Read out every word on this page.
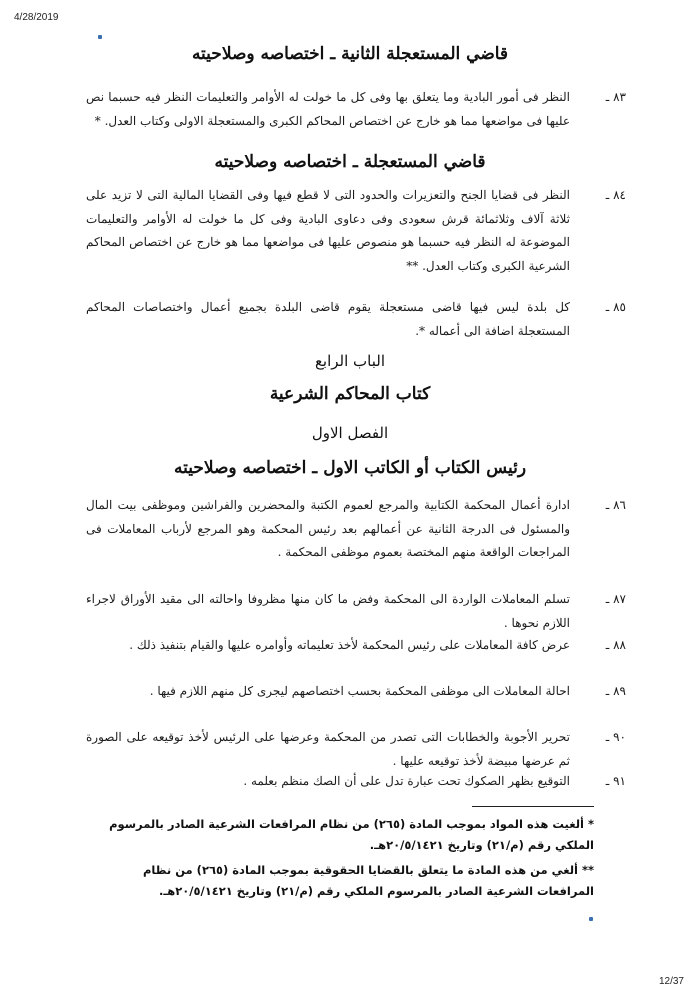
4/28/2019
قاضي المستعجلة الثانية ـ اختصاصه وصلاحيته
٨٣ ـ
النظر فى أمور البادية وما يتعلق بها وفى كل ما خولت له الأوامر والتعليمات النظر فيه حسبما نص عليها فى مواضعها مما هو خارج عن اختصاص المحاكم الكبرى والمستعجلة الاولى وكتاب العدل. *
قاضي المستعجلة ـ اختصاصه وصلاحيته
٨٤ ـ
النظر فى قضايا الجنح والتعزيرات والحدود التى لا قطع فيها وفى القضايا المالية التى لا تزيد على ثلاثة آلاف وثلاثمائة قرش سعودى وفى دعاوى البادية وفى كل ما خولت له الأوامر والتعليمات الموضوعة له النظر فيه حسبما هو منصوص عليها فى مواضعها مما هو خارج عن اختصاص المحاكم الشرعية الكبرى وكتاب العدل. **
٨٥ ـ
كل بلدة ليس فيها قاضى مستعجلة يقوم قاضى البلدة بجميع أعمال واختصاصات المحاكم المستعجلة اضافة الى أعماله *.
الباب الرابع
كتاب المحاكم الشرعية
الفصل الاول
رئيس الكتاب أو الكاتب الاول ـ اختصاصه وصلاحيته
٨٦ ـ
ادارة أعمال المحكمة الكتابية والمرجع لعموم الكتبة والمحضرين والفراشين وموظفى بيت المال والمسئول فى الدرجة الثانية عن أعمالهم بعد رئيس المحكمة وهو المرجع لأرباب المعاملات فى المراجعات الواقعة منهم المختصة بعموم موظفى المحكمة .
٨٧ ـ
تسلم المعاملات الواردة الى المحكمة وفض ما كان منها مظروفا واحالته الى مقيد الأوراق لاجراء اللازم نحوها .
٨٨ ـ
عرض كافة المعاملات على رئيس المحكمة لأخذ تعليماته وأوامره عليها والقيام بتنفيذ ذلك .
٨٩ ـ
احالة المعاملات الى موظفى المحكمة بحسب اختصاصهم ليجرى كل منهم اللازم فيها .
٩٠ ـ
تحرير الأجوبة والخطابات التى تصدر من المحكمة وعرضها على الرئيس لأخذ توقيعه على الصورة ثم عرضها مبيضة لأخذ توقيعه عليها .
٩١ ـ
التوقيع بظهر الصكوك تحت عبارة تدل على أن الصك منظم بعلمه .
* ألغيت هذه المواد بموجب المادة (٢٦٥) من نظام المرافعات الشرعية الصادر بالمرسوم الملكي رقم (م/٢١) وتاريخ ٢٠/٥/١٤٢١هـ.
** ألغي من هذه المادة ما يتعلق بالقضايا الحقوقية بموجب المادة (٢٦٥) من نظام المرافعات الشرعية الصادر بالمرسوم الملكي رقم (م/٢١) وتاريخ ٢٠/٥/١٤٢١هـ.
12/37
